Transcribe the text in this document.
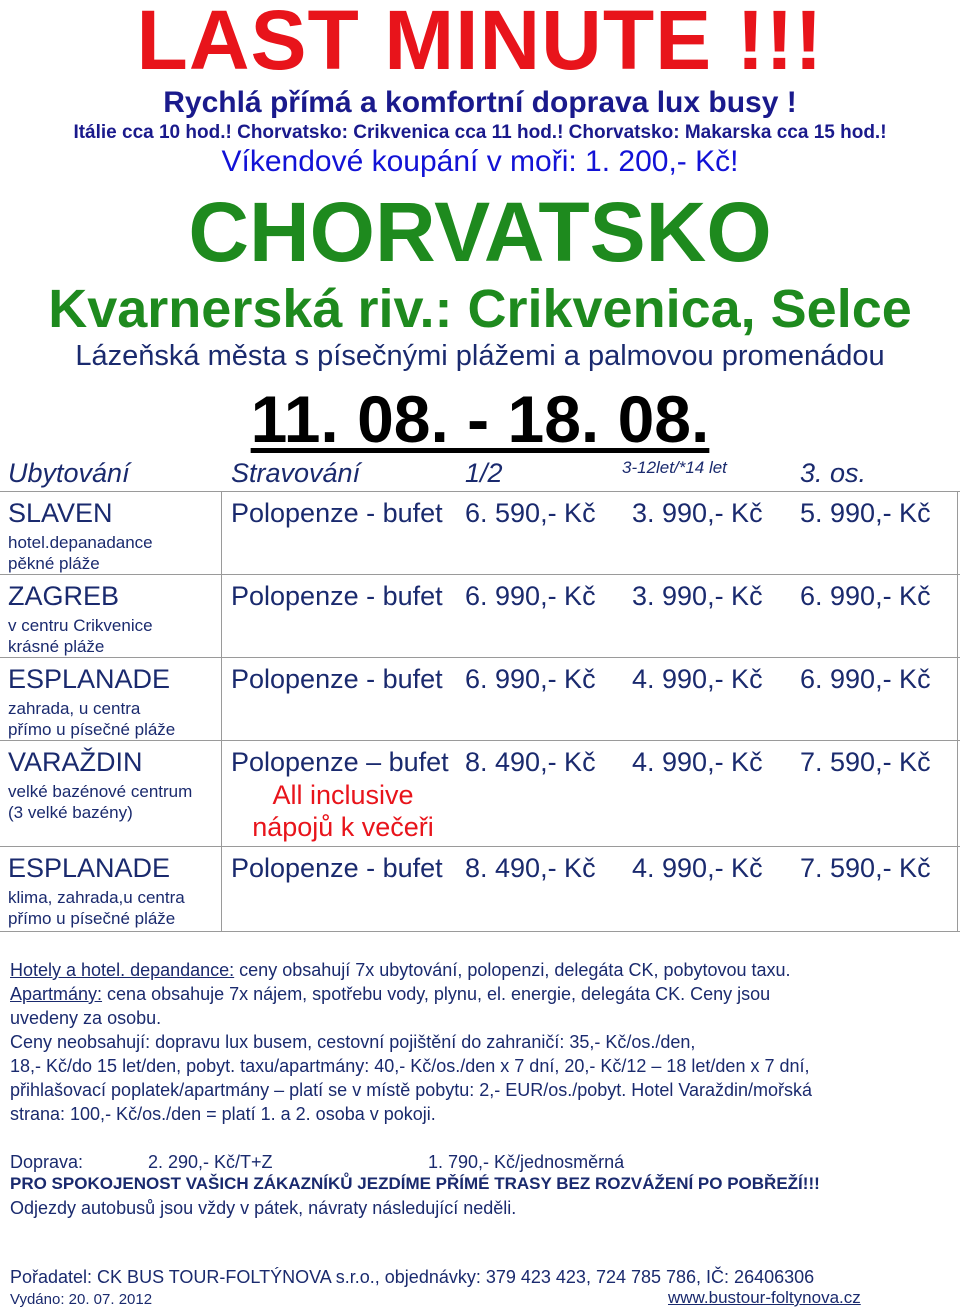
LAST MINUTE !!!
Rychlá přímá a komfortní doprava lux busy !
Itálie cca 10 hod.! Chorvatsko: Crikvenica cca 11 hod.! Chorvatsko: Makarska cca 15 hod.!
Víkendové koupání v moři: 1. 200,- Kč!
CHORVATSKO
Kvarnerská riv.: Crikvenica, Selce
Lázeňská města s písečnými plážemi a palmovou promenádou
11. 08. - 18. 08.
Ubytování	Stravování	1/2	3-12let/*14 let	3. os.
SLAVEN
hotel.depanadance
pěkné pláže
Polopenze - bufet 6. 590,- Kč 3. 990,- Kč 5. 990,- Kč
ZAGREB
v centru Crikvenice
krásné pláže
Polopenze - bufet 6. 990,- Kč 3. 990,- Kč 6. 990,- Kč
ESPLANADE
zahrada, u centra
přímo u písečné pláže
Polopenze - bufet 6. 990,- Kč 4. 990,- Kč 6. 990,- Kč
VARAŽDIN
velké bazénové centrum
(3 velké bazény)
Polopenze – bufet
All inclusive
nápojů k večeři
8. 490,- Kč 4. 990,- Kč 7. 590,- Kč
ESPLANADE
klima, zahrada,u centra
přímo u písečné pláže
Polopenze - bufet 8. 490,- Kč 4. 990,- Kč 7. 590,- Kč
Hotely a hotel. depandance: ceny obsahují 7x ubytování, polopenzi, delegáta CK, pobytovou taxu.
Apartmány: cena obsahuje 7x nájem, spotřebu vody, plynu, el. energie, delegáta CK. Ceny jsou
uvedeny za osobu.
Ceny neobsahují: dopravu lux busem, cestovní pojištění do zahraničí: 35,- Kč/os./den,
18,- Kč/do 15 let/den, pobyt. taxu/apartmány: 40,- Kč/os./den x 7 dní, 20,- Kč/12 – 18 let/den x 7 dní,
přihlašovací poplatek/apartmány – platí se v místě pobytu: 2,- EUR/os./pobyt. Hotel Varaždin/mořská
strana: 100,- Kč/os./den = platí 1. a 2. osoba v pokoji.
Doprava:	2. 290,- Kč/T+Z	1. 790,- Kč/jednosměrná
PRO SPOKOJENOST VAŠICH ZÁKAZNÍKŮ JEZDÍME PŘÍMÉ TRASY BEZ ROZVÁŽENÍ PO POBŘEŽÍ!!!
Odjezdy autobusů jsou vždy v pátek, návraty následující neděli.
Pořadatel: CK BUS TOUR-FOLTÝNOVA s.r.o., objednávky: 379 423 423, 724 785 786, IČ: 26406306
Vydáno: 20. 07. 2012	www.bustour-foltynova.cz
